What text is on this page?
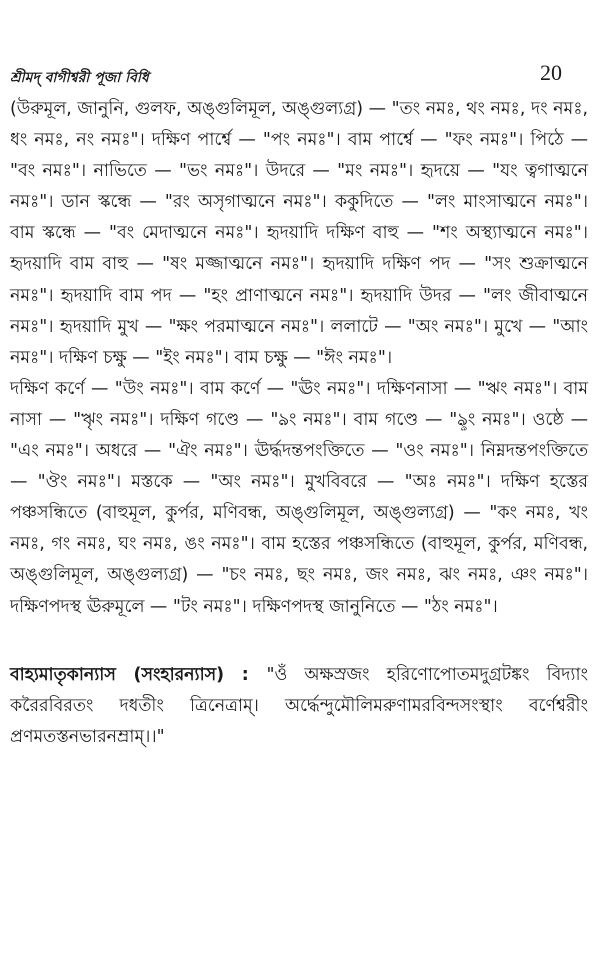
শ্রীমদ্ বাগীশ্বরী পূজা বিধি	20

(উরুমূল, জানুনি, গুলফ, অঙ্গুলিমূল, অঙ্গুল্যগ্র) — "তং নমঃ, থং নমঃ, দং নমঃ, ধং নমঃ, নং নমঃ"। দক্ষিণ পার্শ্বে — "পং নমঃ"। বাম পার্শ্বে — "ফং নমঃ"। পিঠে — "বং নমঃ"। নাভিতে — "ভং নমঃ"। উদরে — "মং নমঃ"। হৃদয়ে — "যং ত্বগাত্মনে নমঃ"। ডান স্কন্ধে — "রং অসৃগাত্মনে নমঃ"। ককুদিতে — "লং মাংসাত্মনে নমঃ"। বাম স্কন্ধে — "বং মেদাত্মনে নমঃ"। হৃদয়াদি দক্ষিণ বাহু — "শং অস্থ্যাত্মনে নমঃ"। হৃদয়াদি বাম বাহু — "ষং মজ্জাত্মনে নমঃ"। হৃদয়াদি দক্ষিণ পদ — "সং শুক্রাত্মনে নমঃ"। হৃদয়াদি বাম পদ — "হং প্রাণাত্মনে নমঃ"। হৃদয়াদি উদর — "লং জীবাত্মনে নমঃ"। হৃদয়াদি মুখ — "ক্ষং পরমাত্মনে নমঃ"। ললাটে — "অং নমঃ"। মুখে — "আং নমঃ"। দক্ষিণ চক্ষু — "ইং নমঃ"। বাম চক্ষু — "ঈং নমঃ"।

দক্ষিণ কর্ণে — "উং নমঃ"। বাম কর্ণে — "ঊং নমঃ"। দক্ষিণনাসা — "ঋং নমঃ"। বাম নাসা — "ৠং নমঃ"। দক্ষিণ গণ্ডে — "ঌং নমঃ"। বাম গণ্ডে — "ৡং নমঃ"। ওষ্ঠে — "এং নমঃ"। অধরে — "ঐং নমঃ"। ঊর্দ্ধদন্তপংক্তিতে — "ওং নমঃ"। নিম্নদন্তপংক্তিতে — "ঔং নমঃ"। মস্তকে — "অং নমঃ"। মুখবিবরে — "অঃ নমঃ"। দক্ষিণ হস্তের পঞ্চসন্ধিতে (বাহুমূল, কুর্পর, মণিবন্ধ, অঙ্গুলিমূল, অঙ্গুল্যগ্র) — "কং নমঃ, খং নমঃ, গং নমঃ, ঘং নমঃ, ঙং নমঃ"। বাম হস্তের পঞ্চসন্ধিতে (বাহুমূল, কুর্পর, মণিবন্ধ, অঙ্গুলিমূল, অঙ্গুল্যগ্র) — "চং নমঃ, ছং নমঃ, জং নমঃ, ঝং নমঃ, ঞং নমঃ"। দক্ষিণপদস্থ ঊরুমূলে — "টং নমঃ"। দক্ষিণপদস্থ জানুনিতে — "ঠং নমঃ"।

বাহ্যমাতৃকান্যাস (সংহারন্যাস) : "ওঁ অক্ষস্রজং হরিণোপোতমদুগ্রটঙ্কং বিদ্যাং করৈরবিরতং দধতীং ত্রিনেত্রাম্। অর্দ্ধেন্দুমৌলিমরুণামরবিন্দসংস্থাং বর্ণেশ্বরীং প্রণমতস্তনভারনম্রাম্।।"
